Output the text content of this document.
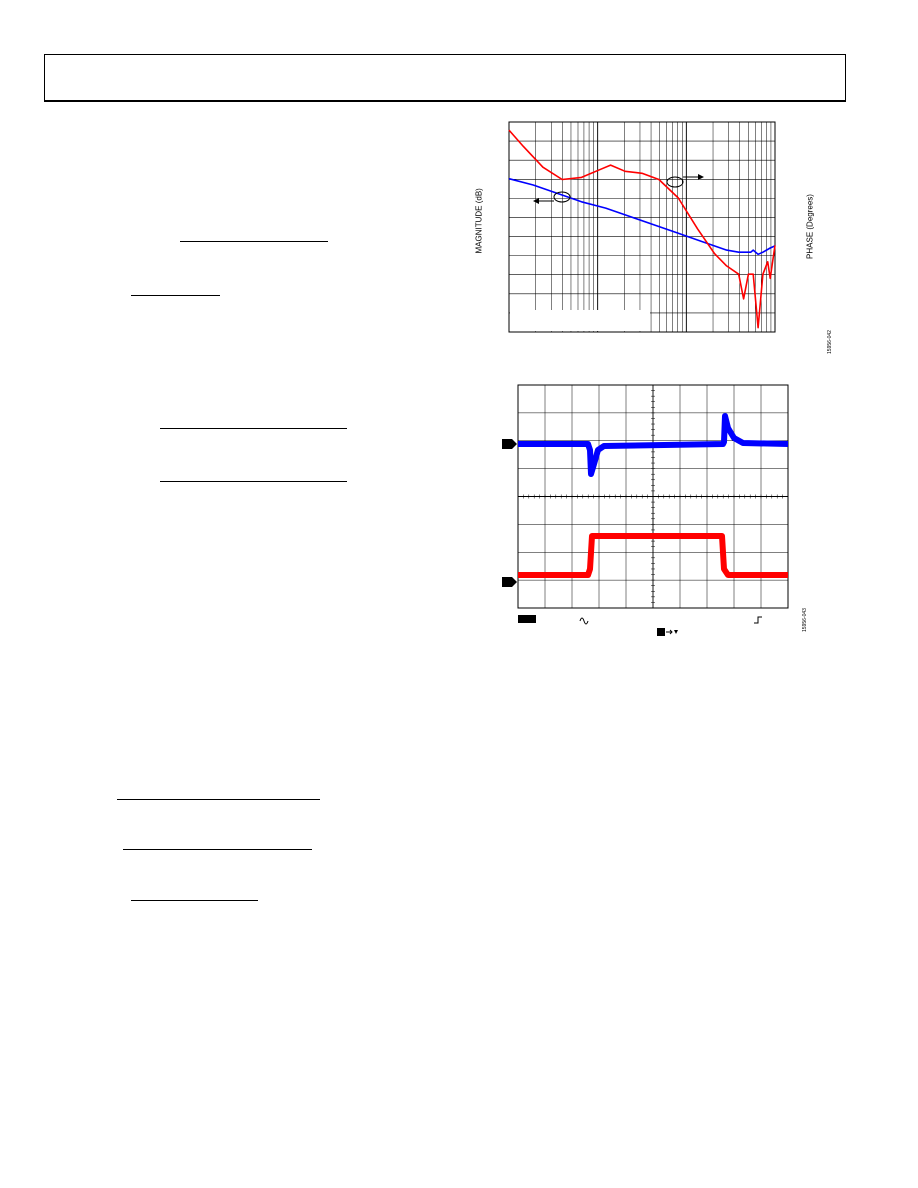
MAGNITUDE (dB)	PHASE (Degrees)
15956-042
15956-043
